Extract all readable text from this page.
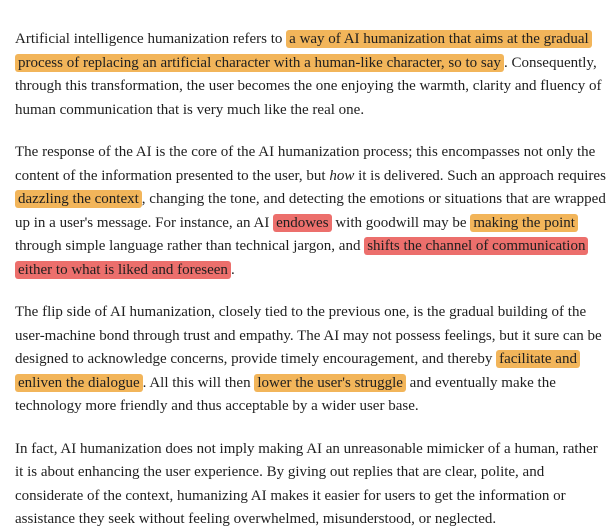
Artificial intelligence humanization refers to a way of AI humanization that aims at the gradual process of replacing an artificial character with a human-like character, so to say . Consequently, through this transformation, the user becomes the one enjoying the warmth, clarity and fluency of human communication that is very much like the real one.

The response of the AI is the core of the AI humanization process; this encompasses not only the content of the information presented to the user, but how it is delivered. Such an approach requires dazzling the context , changing the tone, and detecting the emotions or situations that are wrapped up in a user's message. For instance, an AI endowes with goodwill may be making the point through simple language rather than technical jargon, and shifts the channel of communication either to what is liked and foreseen .

The flip side of AI humanization, closely tied to the previous one, is the gradual building of the user-machine bond through trust and empathy. The AI may not possess feelings, but it sure can be designed to acknowledge concerns, provide timely encouragement, and thereby facilitate and enliven the dialogue . All this will then lower the user's struggle and eventually make the technology more friendly and thus acceptable by a wider user base.

In fact, AI humanization does not imply making AI an unreasonable mimicker of a human, rather it is about enhancing the user experience. By giving out replies that are clear, polite, and considerate of the context, humanizing AI makes it easier for users to get the information or assistance they seek without feeling overwhelmed, misunderstood, or neglected.
